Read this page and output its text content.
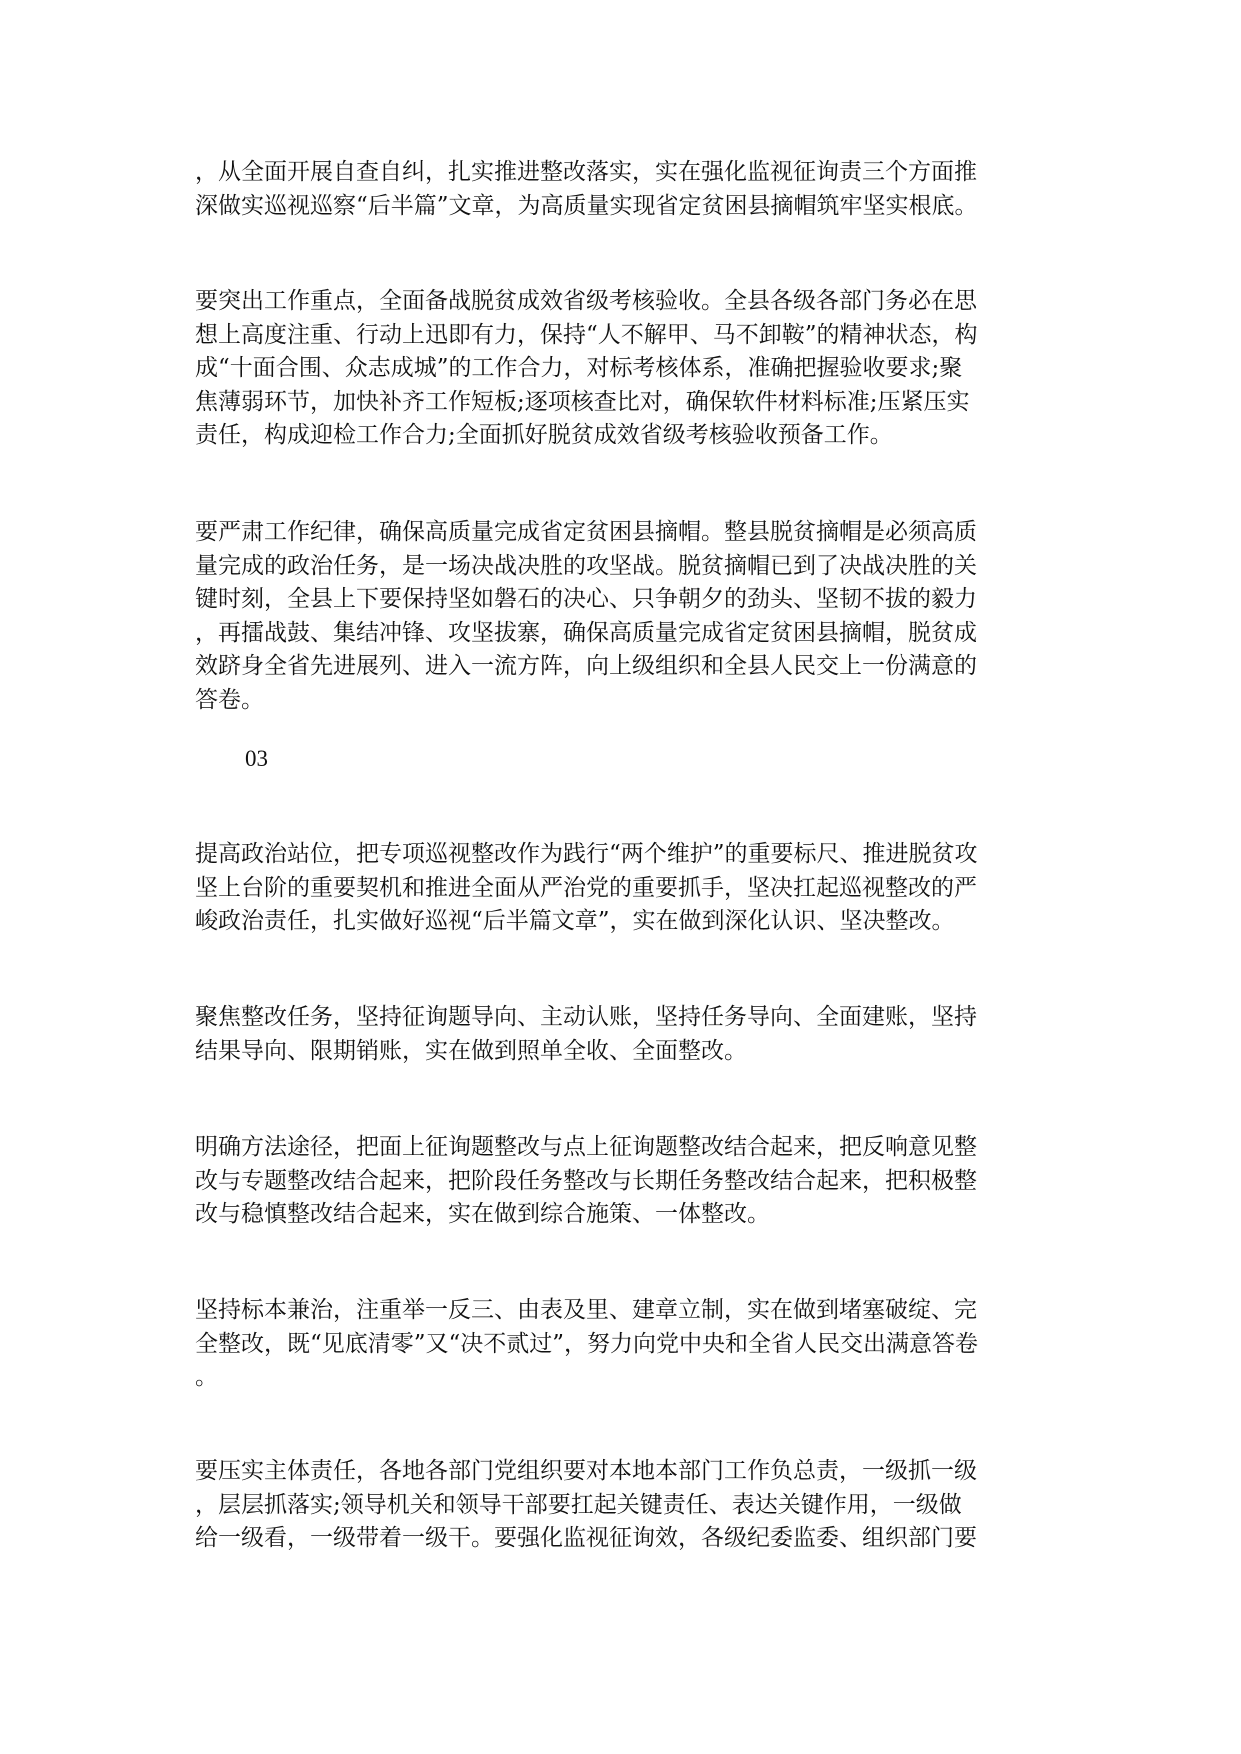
，从全面开展自查自纠，扎实推进整改落实，实在强化监视征询责三个方面推
深做实巡视巡察“后半篇”文章，为高质量实现省定贫困县摘帽筑牢坚实根底。
要突出工作重点，全面备战脱贫成效省级考核验收。全县各级各部门务必在思
想上高度注重、行动上迅即有力，保持“人不解甲、马不卸鞍”的精神状态，构
成“十面合围、众志成城”的工作合力，对标考核体系，准确把握验收要求;聚
焦薄弱环节，加快补齐工作短板;逐项核查比对，确保软件材料标准;压紧压实
责任，构成迎检工作合力;全面抓好脱贫成效省级考核验收预备工作。
要严肃工作纪律，确保高质量完成省定贫困县摘帽。整县脱贫摘帽是必须高质
量完成的政治任务，是一场决战决胜的攻坚战。脱贫摘帽已到了决战决胜的关
键时刻，全县上下要保持坚如磐石的决心、只争朝夕的劲头、坚韧不拔的毅力
，再擂战鼓、集结冲锋、攻坚拔寨，确保高质量完成省定贫困县摘帽，脱贫成
效跻身全省先进展列、进入一流方阵，向上级组织和全县人民交上一份满意的
答卷。

03

提高政治站位，把专项巡视整改作为践行“两个维护”的重要标尺、推进脱贫攻
坚上台阶的重要契机和推进全面从严治党的重要抓手，坚决扛起巡视整改的严
峻政治责任，扎实做好巡视“后半篇文章”，实在做到深化认识、坚决整改。
聚焦整改任务，坚持征询题导向、主动认账，坚持任务导向、全面建账，坚持
结果导向、限期销账，实在做到照单全收、全面整改。
明确方法途径，把面上征询题整改与点上征询题整改结合起来，把反响意见整
改与专题整改结合起来，把阶段任务整改与长期任务整改结合起来，把积极整
改与稳慎整改结合起来，实在做到综合施策、一体整改。
坚持标本兼治，注重举一反三、由表及里、建章立制，实在做到堵塞破绽、完
全整改，既“见底清零”又“决不贰过”，努力向党中央和全省人民交出满意答卷
。
要压实主体责任，各地各部门党组织要对本地本部门工作负总责，一级抓一级
，层层抓落实;领导机关和领导干部要扛起关键责任、表达关键作用，一级做
给一级看，一级带着一级干。要强化监视征询效，各级纪委监委、组织部门要
